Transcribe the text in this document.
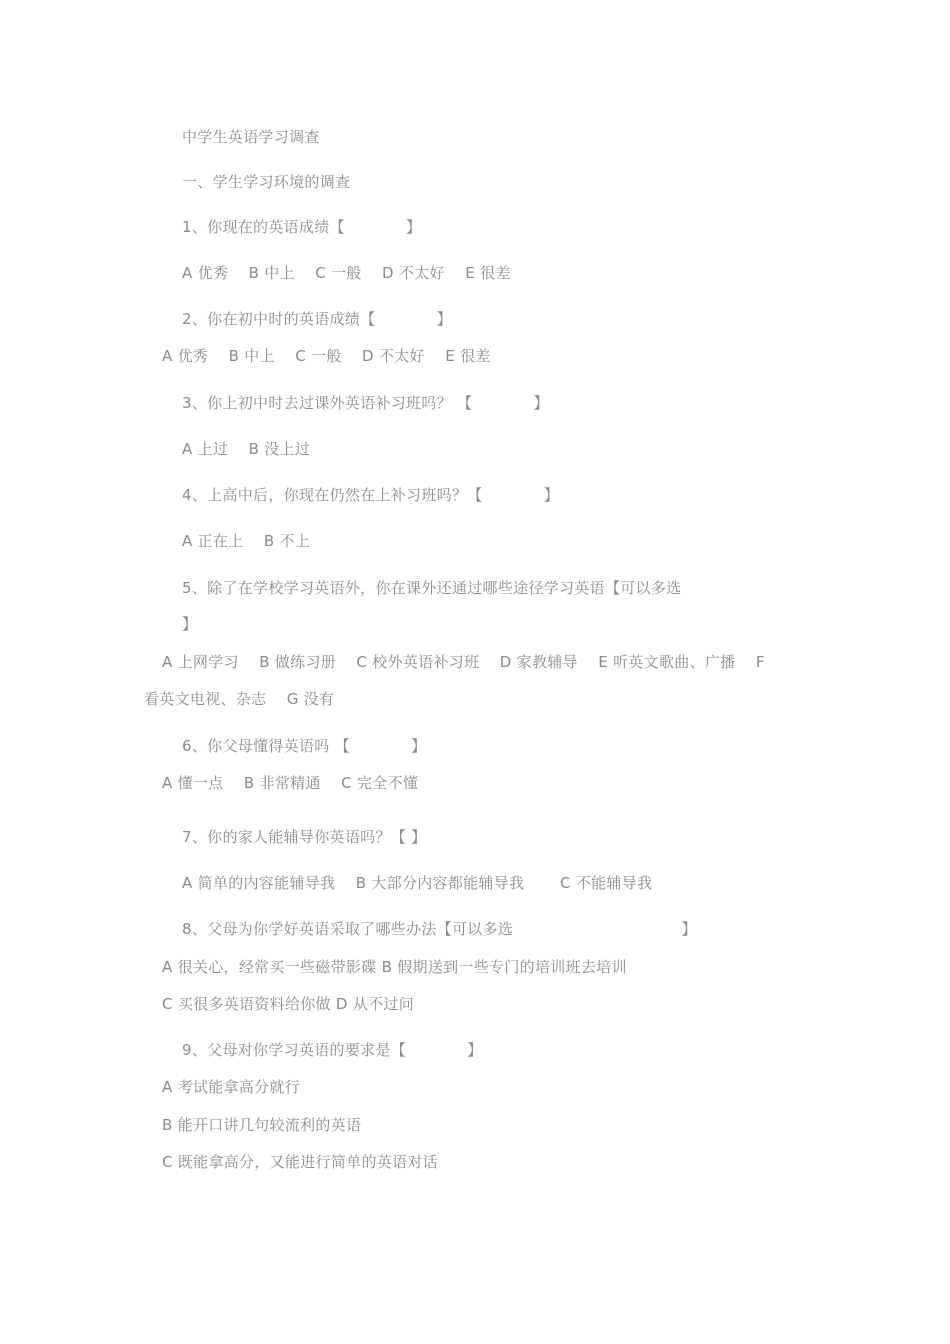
中学生英语学习调查
一、学生学习环境的调查
1、你现在的英语成绩【　　　　】
A 优秀　 B 中上　 C 一般　 D 不太好　 E 很差
2、你在初中时的英语成绩【　　　　】
A 优秀　 B 中上　 C 一般　 D 不太好　 E 很差
3、你上初中时去过课外英语补习班吗？ 【　　　　】
A 上过　 B 没上过
4、上高中后，你现在仍然在上补习班吗？【　　　　】
A 正在上　 B 不上
5、除了在学校学习英语外，你在课外还通过哪些途径学习英语【可以多选
】
A 上网学习　 B 做练习册　 C 校外英语补习班　 D 家教辅导　 E 听英文歌曲、广播　 F
看英文电视、杂志　 G 没有
6、你父母懂得英语吗 【　　　　】
A 懂一点　 B 非常精通　 C 完全不懂
7、你的家人能辅导你英语吗？【 】
A 简单的内容能辅导我　 B 大部分内容都能辅导我　　 C 不能辅导我
8、父母为你学好英语采取了哪些办法【可以多选　　　　　　　　　　　】
A 很关心，经常买一些磁带影碟 B 假期送到一些专门的培训班去培训
C 买很多英语资料给你做 D 从不过问
9、父母对你学习英语的要求是【　　　　】
A 考试能拿高分就行
B 能开口讲几句较流利的英语
C 既能拿高分，又能进行简单的英语对话
